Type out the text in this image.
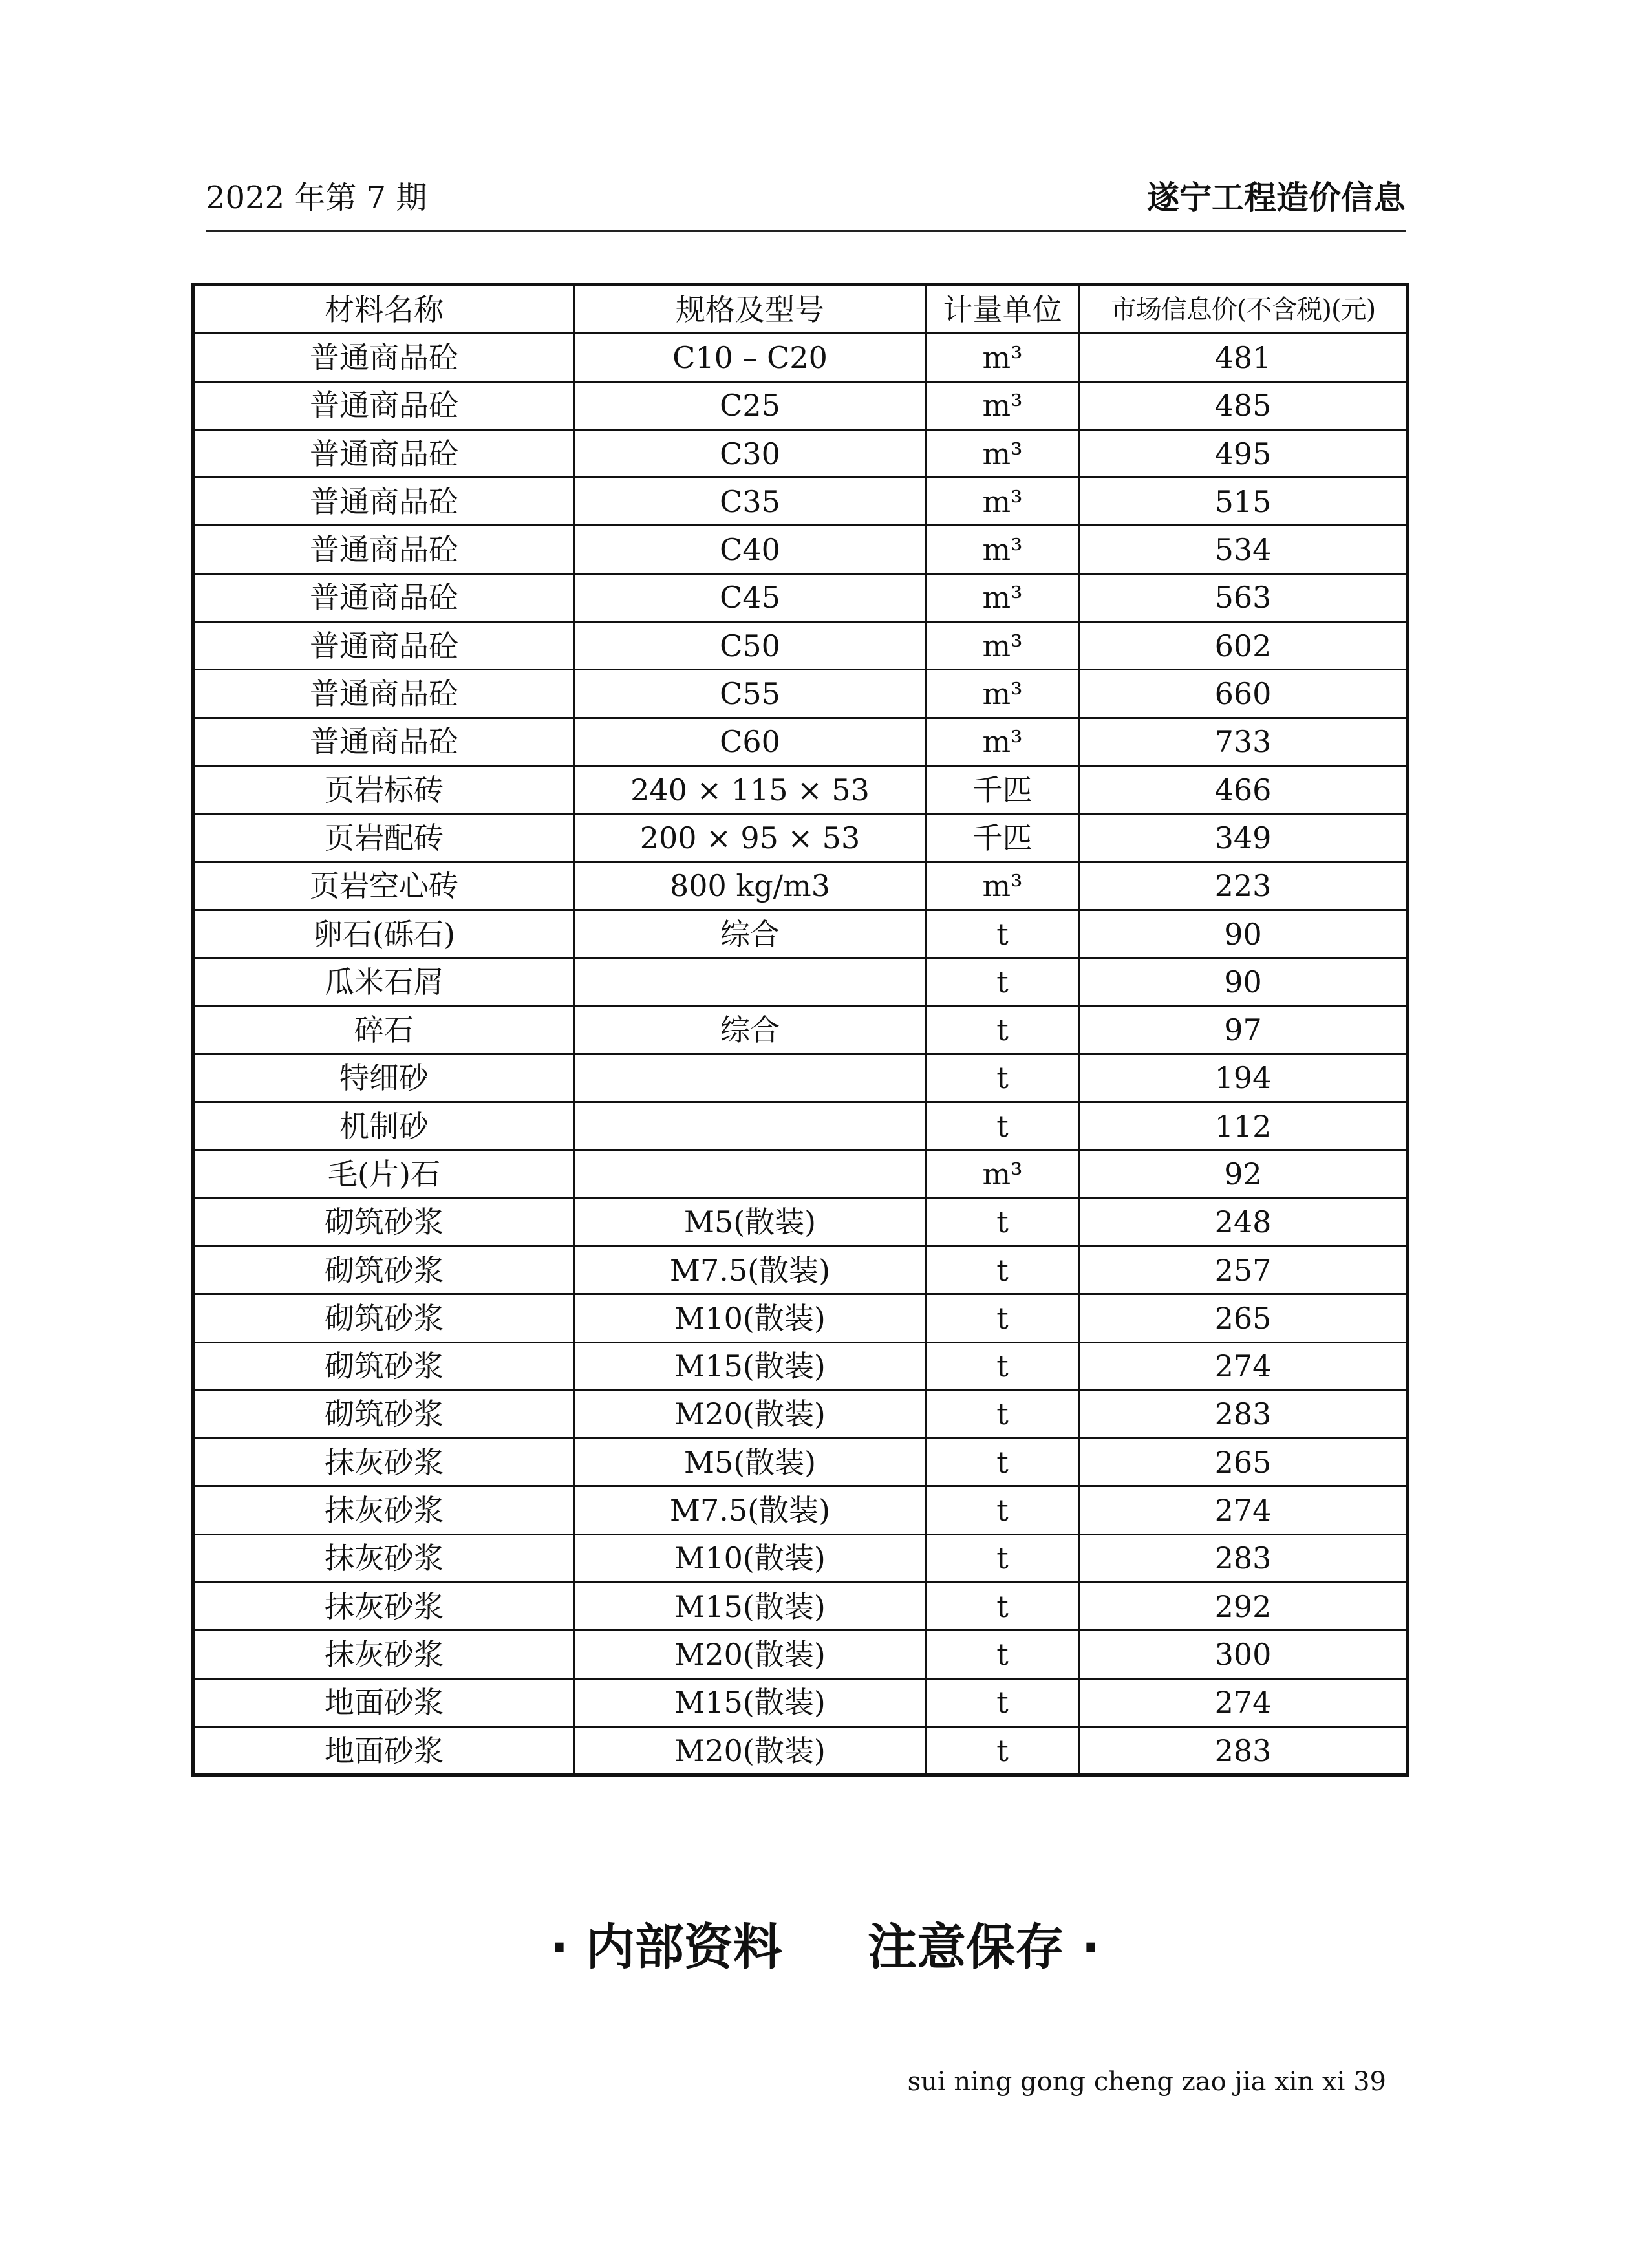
2022 年第 7 期	遂宁工程造价信息
材料名称	规格及型号	计量单位	市场信息价(不含税)(元)
普通商品砼	C10 – C20	m³	481
普通商品砼	C25	m³	485
普通商品砼	C30	m³	495
普通商品砼	C35	m³	515
普通商品砼	C40	m³	534
普通商品砼	C45	m³	563
普通商品砼	C50	m³	602
普通商品砼	C55	m³	660
普通商品砼	C60	m³	733
页岩标砖	240 × 115 × 53	千匹	466
页岩配砖	200 × 95 × 53	千匹	349
页岩空心砖	800 kg/m3	m³	223
卵石(砾石)	综合	t	90
瓜米石屑		t	90
碎石	综合	t	97
特细砂		t	194
机制砂		t	112
毛(片)石		m³	92
砌筑砂浆	M5(散装)	t	248
砌筑砂浆	M7.5(散装)	t	257
砌筑砂浆	M10(散装)	t	265
砌筑砂浆	M15(散装)	t	274
砌筑砂浆	M20(散装)	t	283
抹灰砂浆	M5(散装)	t	265
抹灰砂浆	M7.5(散装)	t	274
抹灰砂浆	M10(散装)	t	283
抹灰砂浆	M15(散装)	t	292
抹灰砂浆	M20(散装)	t	300
地面砂浆	M15(散装)	t	274
地面砂浆	M20(散装)	t	283
· 内部资料     注意保存 ·
sui ning gong cheng zao jia xin xi 39
